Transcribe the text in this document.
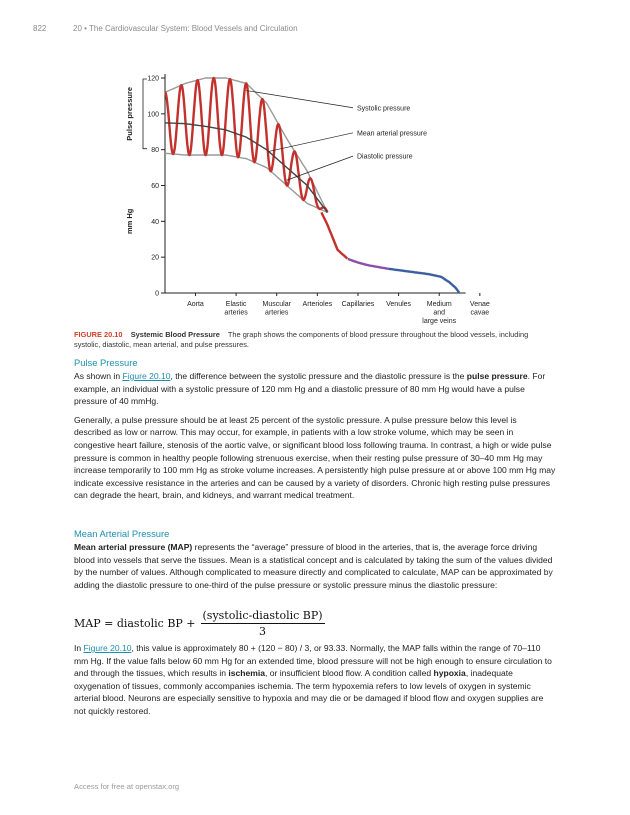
822	20 • The Cardiovascular System: Blood Vessels and Circulation
0
20
40
60
80
100
120
Pulse pressure
mm Hg
Aorta	Elastic
arteries
Muscular
arteries
Arterioles Capillaries Venules Medium
and
large veins
Venae
cavae
Systolic pressure
Mean arterial pressure
Diastolic pressure
FIGURE 20.10 Systemic Blood Pressure The graph shows the components of blood pressure throughout the blood vessels, including systolic, diastolic, mean arterial, and pulse pressures.
Pulse Pressure

As shown in Figure 20.10, the difference between the systolic pressure and the diastolic pressure is the pulse pressure. For example, an individual with a systolic pressure of 120 mm Hg and a diastolic pressure of 80 mm Hg would have a pulse pressure of 40 mmHg.

Generally, a pulse pressure should be at least 25 percent of the systolic pressure. A pulse pressure below this level is described as low or narrow. This may occur, for example, in patients with a low stroke volume, which may be seen in congestive heart failure, stenosis of the aortic valve, or significant blood loss following trauma. In contrast, a high or wide pulse pressure is common in healthy people following strenuous exercise, when their resting pulse pressure of 30–40 mm Hg may increase temporarily to 100 mm Hg as stroke volume increases. A persistently high pulse pressure at or above 100 mm Hg may indicate excessive resistance in the arteries and can be caused by a variety of disorders. Chronic high resting pulse pressures can degrade the heart, brain, and kidneys, and warrant medical treatment.

Mean Arterial Pressure

Mean arterial pressure (MAP) represents the “average” pressure of blood in the arteries, that is, the average force driving blood into vessels that serve the tissues. Mean is a statistical concept and is calculated by taking the sum of the values divided by the number of values. Although complicated to measure directly and complicated to calculate, MAP can be approximated by adding the diastolic pressure to one-third of the pulse pressure or systolic pressure minus the diastolic pressure:

MAP = diastolic BP + $\frac{\text{(systolic-diastolic BP)}}{3}$

In Figure 20.10, this value is approximately 80 + (120 − 80) / 3, or 93.33. Normally, the MAP falls within the range of 70–110 mm Hg. If the value falls below 60 mm Hg for an extended time, blood pressure will not be high enough to ensure circulation to and through the tissues, which results in ischemia, or insufficient blood flow. A condition called hypoxia, inadequate oxygenation of tissues, commonly accompanies ischemia. The term hypoxemia refers to low levels of oxygen in systemic arterial blood. Neurons are especially sensitive to hypoxia and may die or be damaged if blood flow and oxygen supplies are not quickly restored.

Access for free at openstax.org
